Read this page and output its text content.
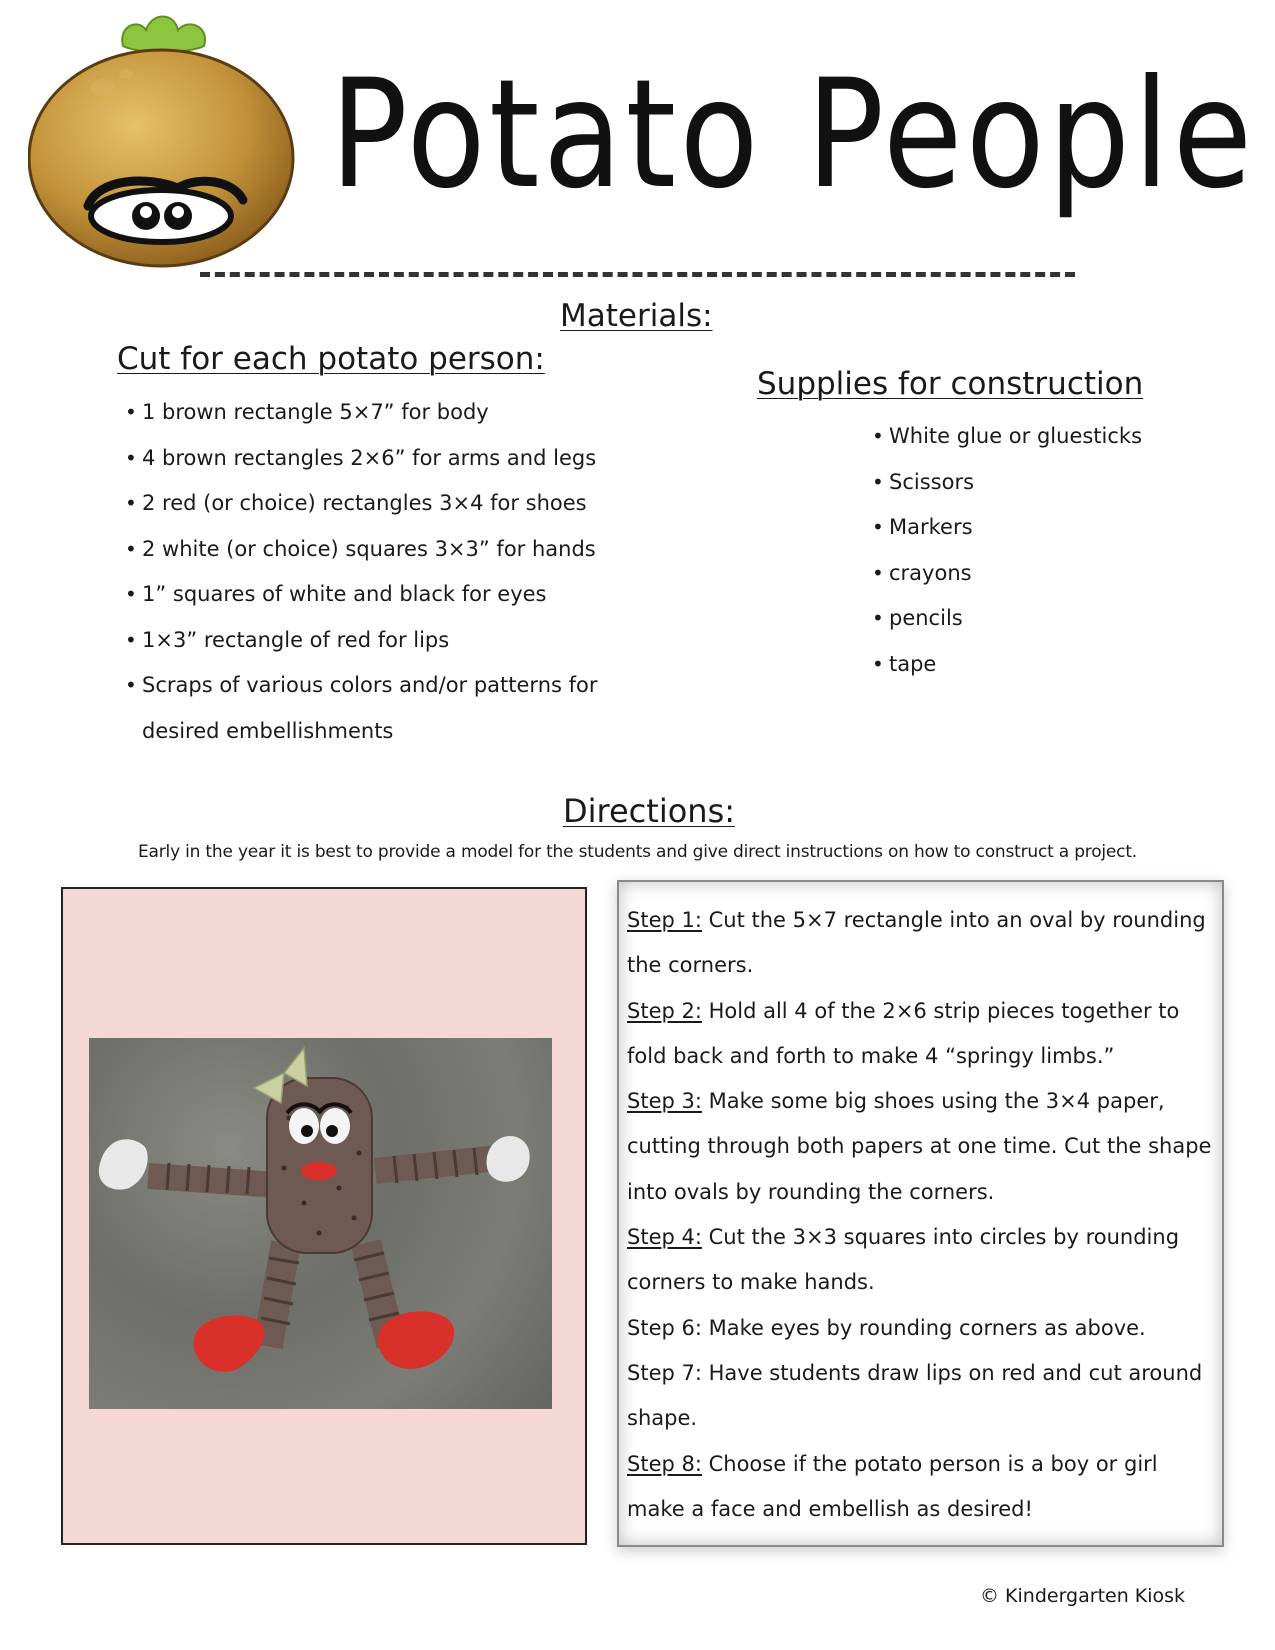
Potato People
Materials:
Cut for each potato person:
• 1 brown rectangle 5×7” for body
• 4 brown rectangles 2×6” for arms and legs
• 2 red (or choice) rectangles 3×4 for shoes
• 2 white (or choice) squares 3×3” for hands
• 1” squares of white and black for eyes
• 1×3” rectangle of red for lips
• Scraps of various colors and/or patterns for desired embellishments
Supplies for construction
• White glue or gluesticks
• Scissors
• Markers
• crayons
• pencils
• tape
Directions:
Early in the year it is best to provide a model for the students and give direct instructions on how to construct a project.

Step 1: Cut the 5×7 rectangle into an oval by rounding the corners.

Step 2: Hold all 4 of the 2×6 strip pieces together to fold back and forth to make 4 “springy limbs.”

Step 3: Make some big shoes using the 3×4 paper, cutting through both papers at one time. Cut the shape into ovals by rounding the corners.

Step 4: Cut the 3×3 squares into circles by rounding corners to make hands.

Step 6: Make eyes by rounding corners as above.

Step 7: Have students draw lips on red and cut around shape.

Step 8: Choose if the potato person is a boy or girl make a face and embellish as desired!

© Kindergarten Kiosk
